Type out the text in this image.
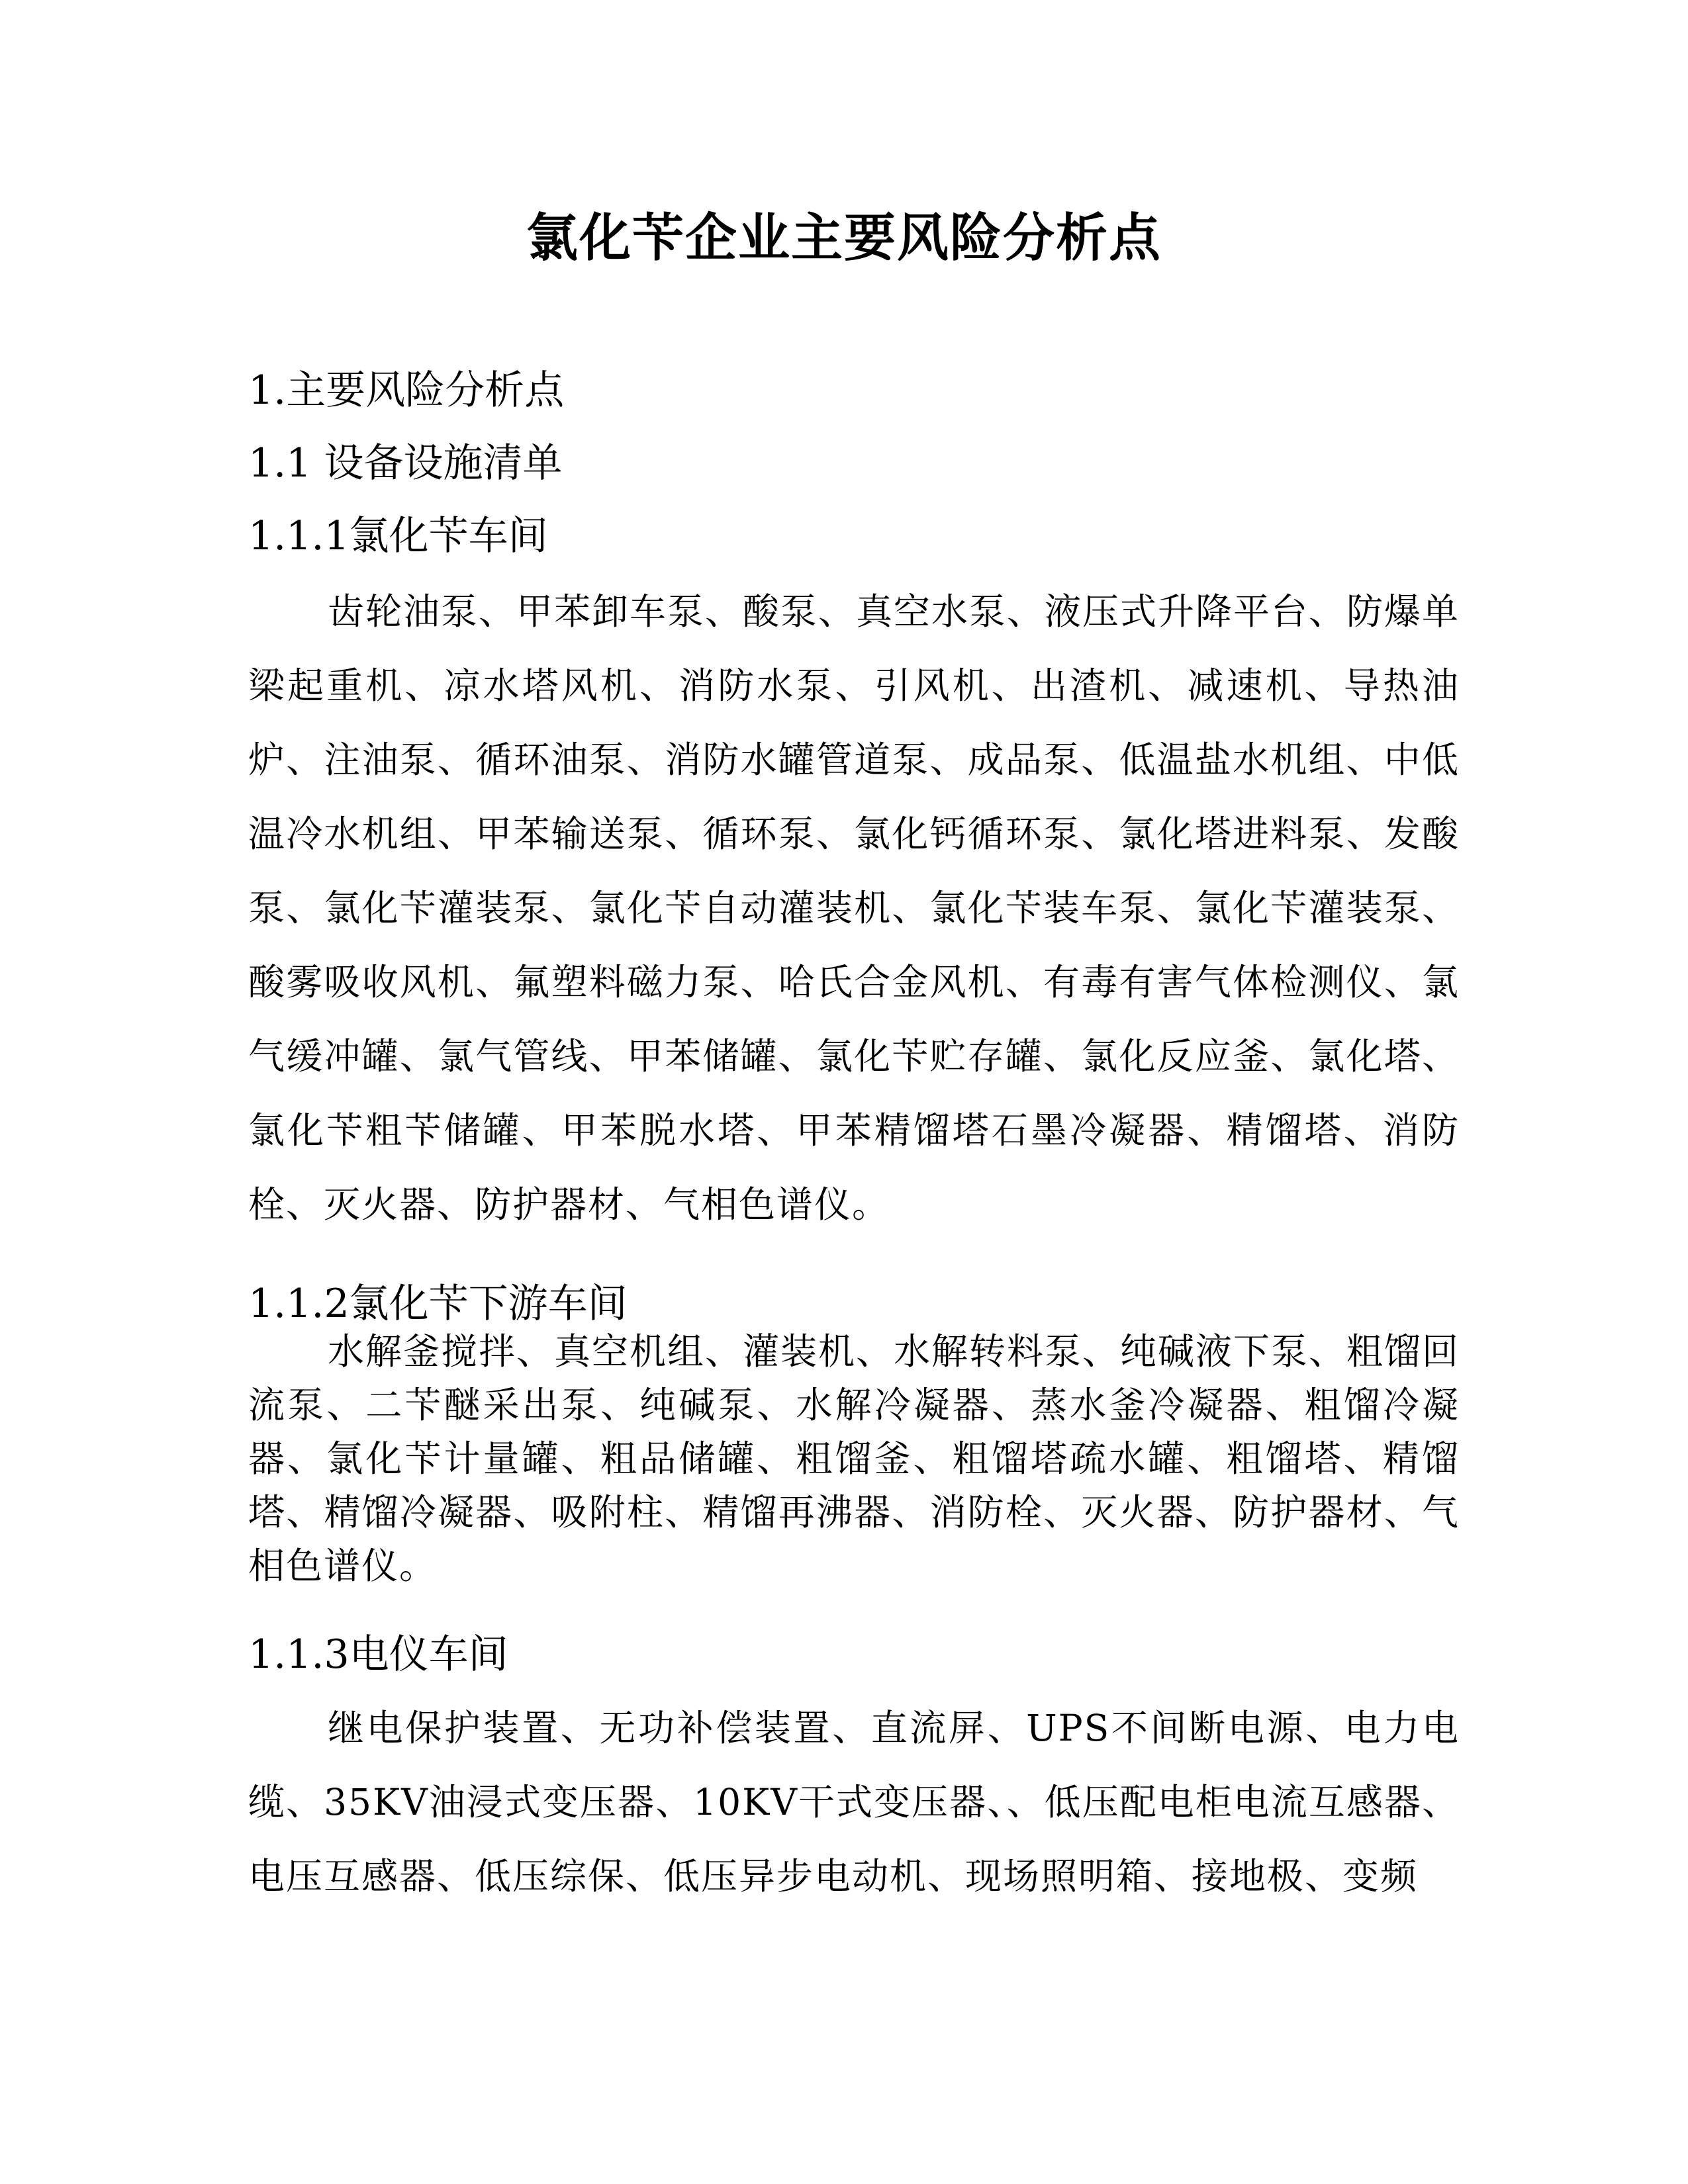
氯化苄企业主要风险分析点
1.主要风险分析点
1.1 设备设施清单
1.1.1氯化苄车间

齿轮油泵、甲苯卸车泵、酸泵、真空水泵、液压式升降平台、防爆单梁起重机、凉水塔风机、消防水泵、引风机、出渣机、减速机、导热油炉、注油泵、循环油泵、消防水罐管道泵、成品泵、低温盐水机组、中低温冷水机组、甲苯输送泵、循环泵、氯化钙循环泵、氯化塔进料泵、发酸泵、氯化苄灌装泵、氯化苄自动灌装机、氯化苄装车泵、氯化苄灌装泵、酸雾吸收风机、氟塑料磁力泵、哈氏合金风机、有毒有害气体检测仪、氯气缓冲罐、氯气管线、甲苯储罐、氯化苄贮存罐、氯化反应釜、氯化塔、氯化苄粗苄储罐、甲苯脱水塔、甲苯精馏塔石墨冷凝器、精馏塔、消防栓、灭火器、防护器材、气相色谱仪。

1.1.2氯化苄下游车间

水解釜搅拌、真空机组、灌装机、水解转料泵、纯碱液下泵、粗馏回流泵、二苄醚采出泵、纯碱泵、水解冷凝器、蒸水釜冷凝器、粗馏冷凝器、氯化苄计量罐、粗品储罐、粗馏釜、粗馏塔疏水罐、粗馏塔、精馏塔、精馏冷凝器、吸附柱、精馏再沸器、消防栓、灭火器、防护器材、气相色谱仪。

1.1.3电仪车间

继电保护装置、无功补偿装置、直流屏、UPS不间断电源、电力电缆、35KV油浸式变压器、10KV干式变压器、、低压配电柜电流互感器、电压互感器、低压综保、低压异步电动机、现场照明箱、接地极、变频
